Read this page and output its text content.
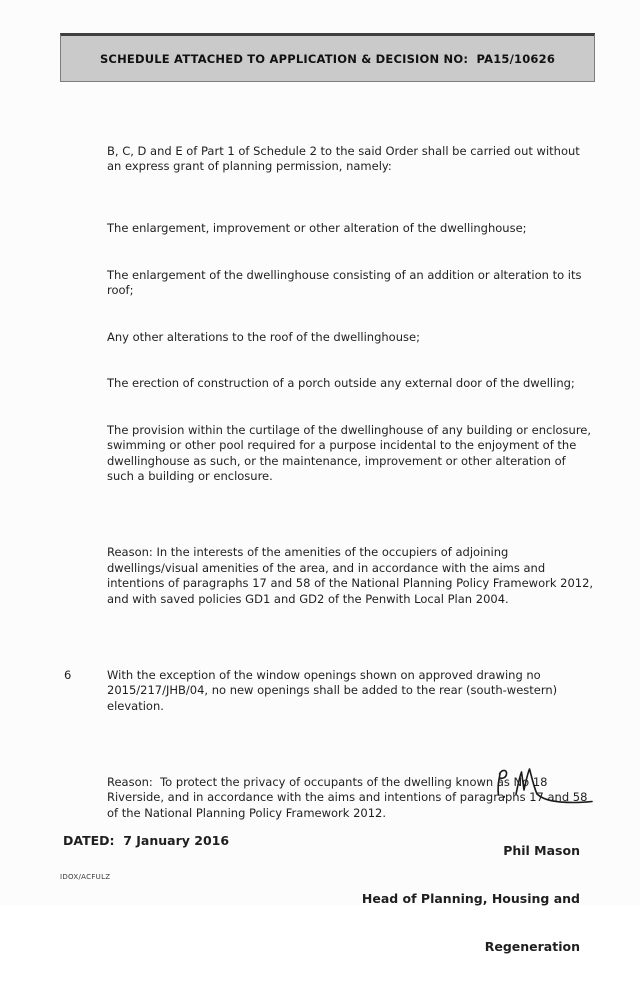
SCHEDULE ATTACHED TO APPLICATION & DECISION NO:  PA15/10626

B, C, D and E of Part 1 of Schedule 2 to the said Order shall be carried out without an express grant of planning permission, namely:

The enlargement, improvement or other alteration of the dwellinghouse;

The enlargement of the dwellinghouse consisting of an addition or alteration to its roof;

Any other alterations to the roof of the dwellinghouse;

The erection of construction of a porch outside any external door of the dwelling;

The provision within the curtilage of the dwellinghouse of any building or enclosure, swimming or other pool required for a purpose incidental to the enjoyment of the dwellinghouse as such, or the maintenance, improvement or other alteration of such a building or enclosure.

Reason: In the interests of the amenities of the occupiers of adjoining dwellings/visual amenities of the area, and in accordance with the aims and intentions of paragraphs 17 and 58 of the National Planning Policy Framework 2012, and with saved policies GD1 and GD2 of the Penwith Local Plan 2004.

6	With the exception of the window openings shown on approved drawing no 2015/217/JHB/04, no new openings shall be added to the rear (south-western) elevation.

Reason:  To protect the privacy of occupants of the dwelling known as No 18 Riverside, and in accordance with the aims and intentions of paragraphs 17 and 58 of the National Planning Policy Framework 2012.

Phil Mason

Head of Planning, Housing and

Regeneration

DATED:  7 January 2016
IDOX/ACFULZ
